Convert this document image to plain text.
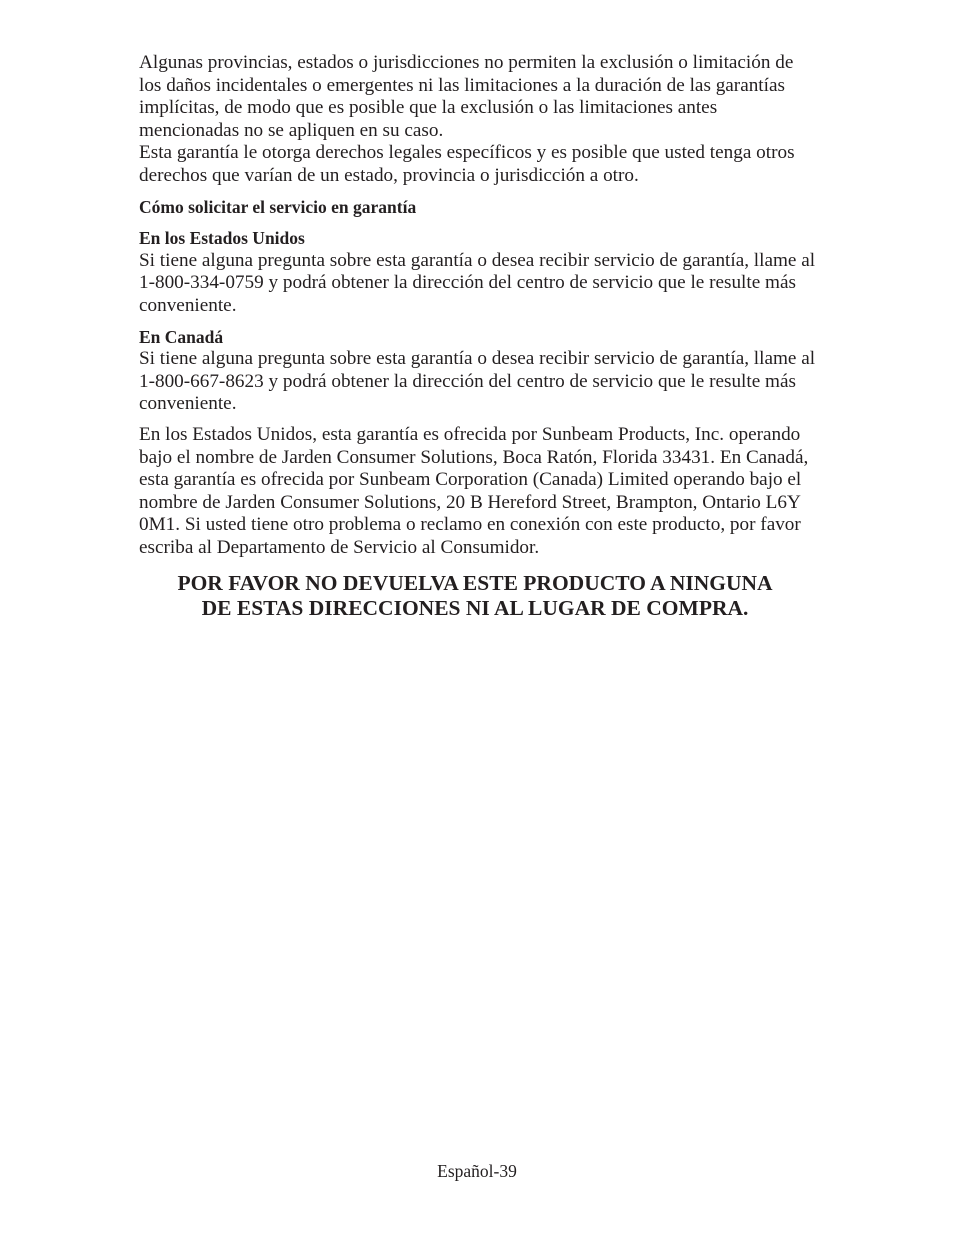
Algunas provincias, estados o jurisdicciones no permiten la exclusión o limitación de los daños incidentales o emergentes ni las limitaciones a la duración de las garantías implícitas, de modo que es posible que la exclusión o las limitaciones antes mencionadas no se apliquen en su caso.

Esta garantía le otorga derechos legales específicos y es posible que usted tenga otros derechos que varían de un estado, provincia o jurisdicción a otro.

Cómo solicitar el servicio en garantía

En los Estados Unidos

Si tiene alguna pregunta sobre esta garantía o desea recibir servicio de garantía, llame al 1-800-334-0759 y podrá obtener la dirección del centro de servicio que le resulte más conveniente.

En Canadá

Si tiene alguna pregunta sobre esta garantía o desea recibir servicio de garantía, llame al 1-800-667-8623 y podrá obtener la dirección del centro de servicio que le resulte más conveniente.

En los Estados Unidos, esta garantía es ofrecida por Sunbeam Products, Inc. operando bajo el nombre de Jarden Consumer Solutions, Boca Ratón, Florida 33431. En Canadá, esta garantía es ofrecida por Sunbeam Corporation (Canada) Limited operando bajo el nombre de Jarden Consumer Solutions, 20 B Hereford Street, Brampton, Ontario L6Y 0M1. Si usted tiene otro problema o reclamo en conexión con este producto, por favor escriba al Departamento de Servicio al Consumidor.

POR FAVOR NO DEVUELVA ESTE PRODUCTO A NINGUNA
DE ESTAS DIRECCIONES NI AL LUGAR DE COMPRA.
Español-39
